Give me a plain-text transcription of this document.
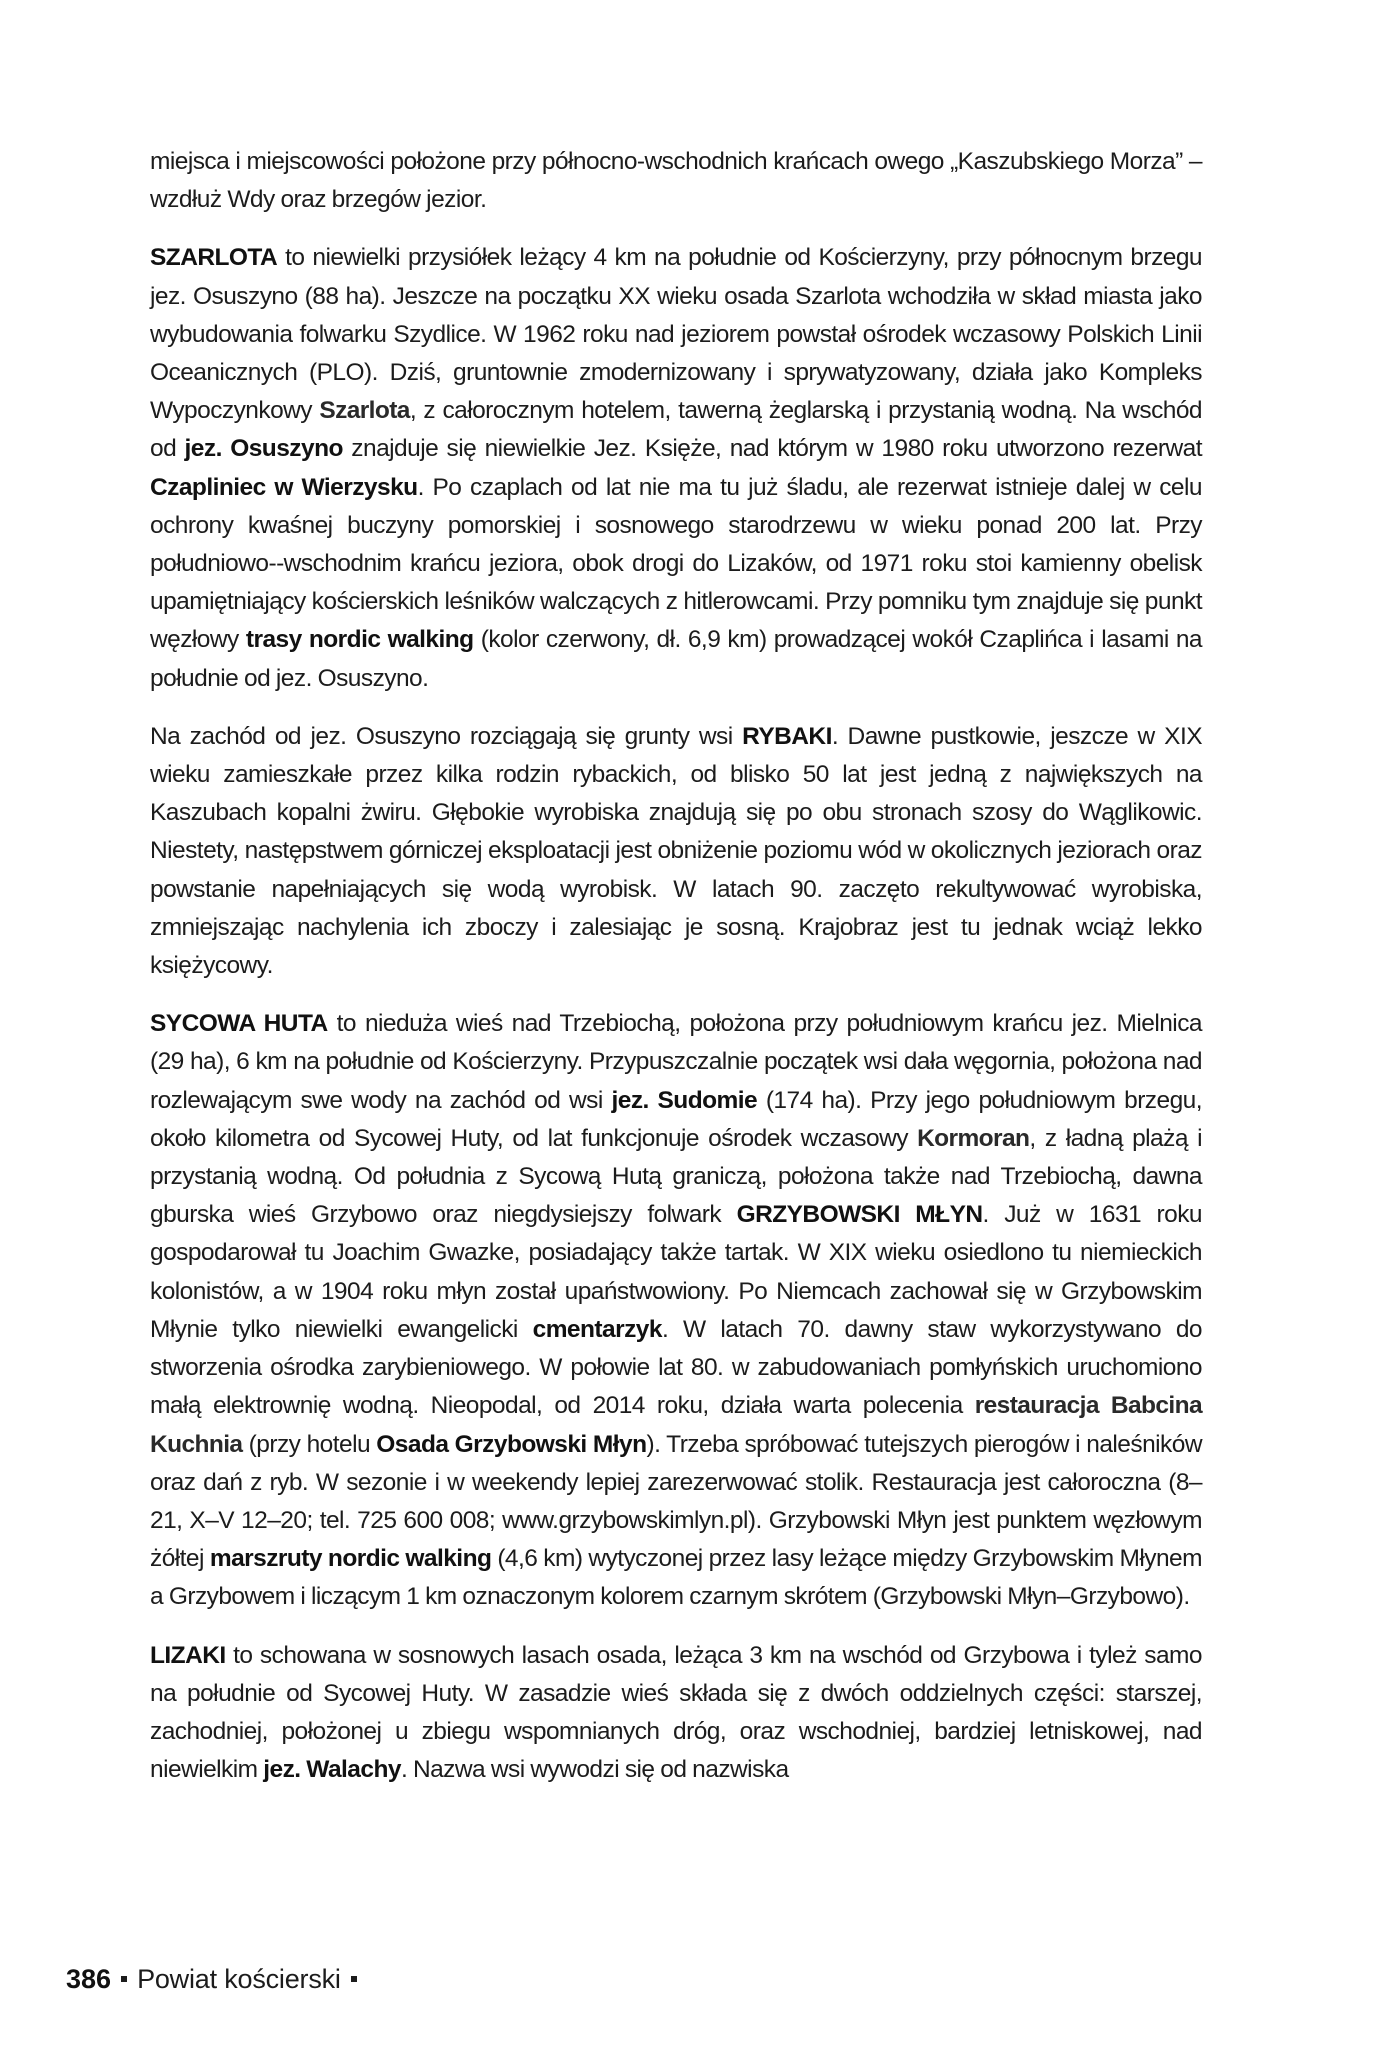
miejsca i miejscowości położone przy północno-wschodnich krańcach owego „Kaszubskiego Morza” – wzdłuż Wdy oraz brzegów jezior.

SZARLOTA to niewielki przysiółek leżący 4 km na południe od Kościerzyny, przy północnym brzegu jez. Osuszyno (88 ha). Jeszcze na początku XX wieku osada Szarlota wchodziła w skład miasta jako wybudowania folwarku Szydlice. W 1962 roku nad jeziorem powstał ośrodek wczasowy Polskich Linii Oceanicznych (PLO). Dziś, gruntownie zmodernizowany i sprywatyzowany, działa jako Kompleks Wypoczynkowy Szarlota, z całorocznym hotelem, tawerną żeglarską i przystanią wodną. Na wschód od jez. Osuszyno znajduje się niewielkie Jez. Księże, nad którym w 1980 roku utworzono rezerwat Czapliniec w Wierzysku. Po czaplach od lat nie ma tu już śladu, ale rezerwat istnieje dalej w celu ochrony kwaśnej buczyny pomorskiej i sosnowego starodrzewu w wieku ponad 200 lat. Przy południowo-​-wschodnim krańcu jeziora, obok drogi do Lizaków, od 1971 roku stoi kamienny obelisk upamiętniający kościerskich leśników walczących z hitlerowcami. Przy pomniku tym znajduje się punkt węzłowy trasy nordic walking (kolor czerwony, dł. 6,9 km) prowadzącej wokół Czaplińca i lasami na południe od jez. Osuszyno.

Na zachód od jez. Osuszyno rozciągają się grunty wsi RYBAKI. Dawne pustkowie, jeszcze w XIX wieku zamieszkałe przez kilka rodzin rybackich, od blisko 50 lat jest jedną z największych na Kaszubach kopalni żwiru. Głębokie wyrobiska znajdują się po obu stronach szosy do Wąglikowic. Niestety, następstwem górniczej eksploatacji jest obniżenie poziomu wód w okolicznych jeziorach oraz powstanie napełniających się wodą wyrobisk. W latach 90. zaczęto rekultywować wyrobiska, zmniejszając nachylenia ich zboczy i zalesiając je sosną. Krajobraz jest tu jednak wciąż lekko księżycowy.

SYCOWA HUTA to nieduża wieś nad Trzebiochą, położona przy południowym krańcu jez. Mielnica (29 ha), 6 km na południe od Kościerzyny. Przypuszczalnie początek wsi dała węgornia, położona nad rozlewającym swe wody na zachód od wsi jez. Sudomie (174 ha). Przy jego południowym brzegu, około kilometra od Sycowej Huty, od lat funkcjonuje ośrodek wczasowy Kormoran, z ładną plażą i przystanią wodną. Od południa z Sycową Hutą graniczą, położona także nad Trzebiochą, dawna gburska wieś Grzybowo oraz niegdysiejszy folwark GRZYBOWSKI MŁYN. Już w 1631 roku gospodarował tu Joachim Gwazke, posiadający także tartak. W XIX wieku osiedlono tu niemieckich kolonistów, a w 1904 roku młyn został upaństwowiony. Po Niemcach zachował się w Grzybowskim Młynie tylko niewielki ewangelicki cmentarzyk. W latach 70. dawny staw wykorzystywano do stworzenia ośrodka zarybieniowego. W połowie lat 80. w zabudowaniach pomłyńskich uruchomiono małą elektrownię wodną. Nieopodal, od 2014 roku, działa warta polecenia restauracja Babcina Kuchnia (przy hotelu Osada Grzybowski Młyn). Trzeba spróbować tutejszych pierogów i naleśników oraz dań z ryb. W sezonie i w weekendy lepiej zarezerwować stolik. Restauracja jest całoroczna (8–21, X–V 12–20; tel. 725 600 008; www.grzybowskimlyn.pl). Grzybowski Młyn jest punktem węzłowym żółtej marszruty nordic walking (4,6 km) wytyczonej przez lasy leżące między Grzybowskim Młynem a Grzybowem i liczącym 1 km oznaczonym kolorem czarnym skrótem (Grzybowski Młyn–Grzybowo).

LIZAKI to schowana w sosnowych lasach osada, leżąca 3 km na wschód od Grzybowa i tyleż samo na południe od Sycowej Huty. W zasadzie wieś składa się z dwóch oddzielnych części: starszej, zachodniej, położonej u zbiegu wspomnianych dróg, oraz wschodniej, bardziej letniskowej, nad niewielkim jez. Walachy. Nazwa wsi wywodzi się od nazwiska

386 Powiat kościerski
